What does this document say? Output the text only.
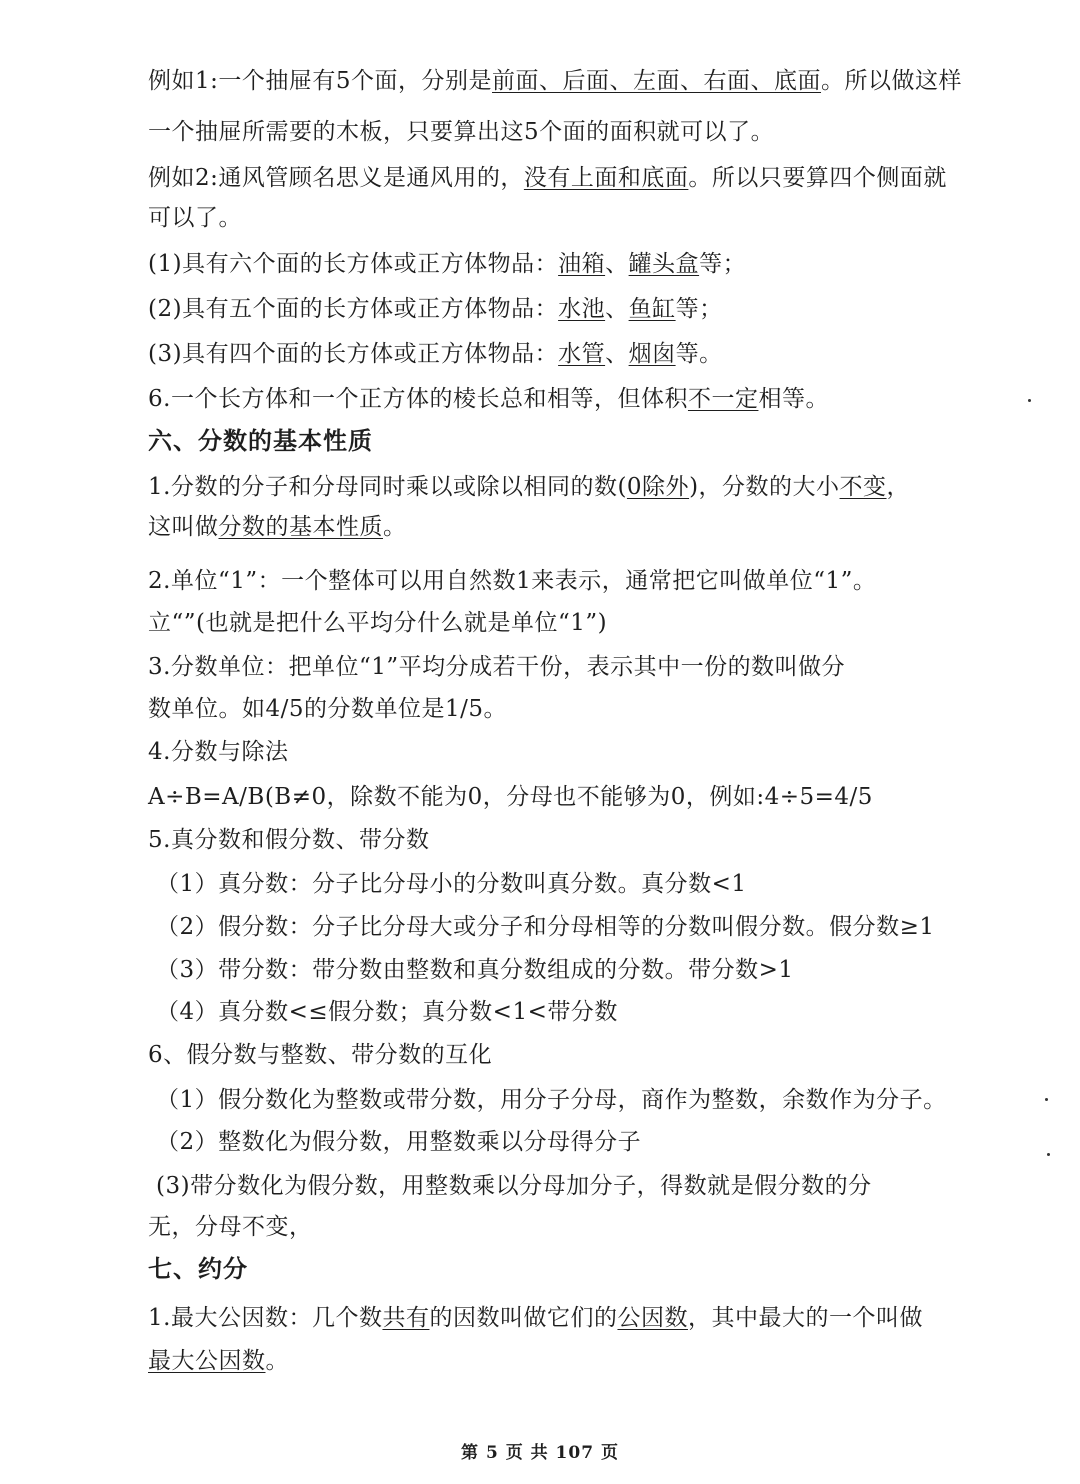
例如1:一个抽屉有5个面，分别是前面、后面、左面、右面、底面。所以做这样
一个抽屉所需要的木板，只要算出这5个面的面积就可以了。
例如2:通风管顾名思义是通风用的，没有上面和底面。所以只要算四个侧面就
可以了。
(1)具有六个面的长方体或正方体物品：油箱、罐头盒等；
(2)具有五个面的长方体或正方体物品：水池、鱼缸等；
(3)具有四个面的长方体或正方体物品：水管、烟囱等。
6.一个长方体和一个正方体的棱长总和相等，但体积不一定相等。
六、分数的基本性质
1.分数的分子和分母同时乘以或除以相同的数(0除外)，分数的大小不变，
这叫做分数的基本性质。
2.单位“1”：一个整体可以用自然数1来表示，通常把它叫做单位“1”。
立“”(也就是把什么平均分什么就是单位“1”)
3.分数单位：把单位“1”平均分成若干份，表示其中一份的数叫做分
数单位。如4/5的分数单位是1/5。
4.分数与除法
A÷B=A/B(B≠0，除数不能为0，分母也不能够为0，例如:4÷5=4/5
5.真分数和假分数、带分数
（1）真分数：分子比分母小的分数叫真分数。真分数<1
（2）假分数：分子比分母大或分子和分母相等的分数叫假分数。假分数≥1
（3）带分数：带分数由整数和真分数组成的分数。带分数>1
（4）真分数<≤假分数；真分数<1<带分数
6、假分数与整数、带分数的互化
（1）假分数化为整数或带分数，用分子分母，商作为整数，余数作为分子。
（2）整数化为假分数，用整数乘以分母得分子
(3)带分数化为假分数，用整数乘以分母加分子，得数就是假分数的分
无，分母不变，
七、约分
1.最大公因数：几个数共有的因数叫做它们的公因数，其中最大的一个叫做
最大公因数。
第 5 页 共 107 页
